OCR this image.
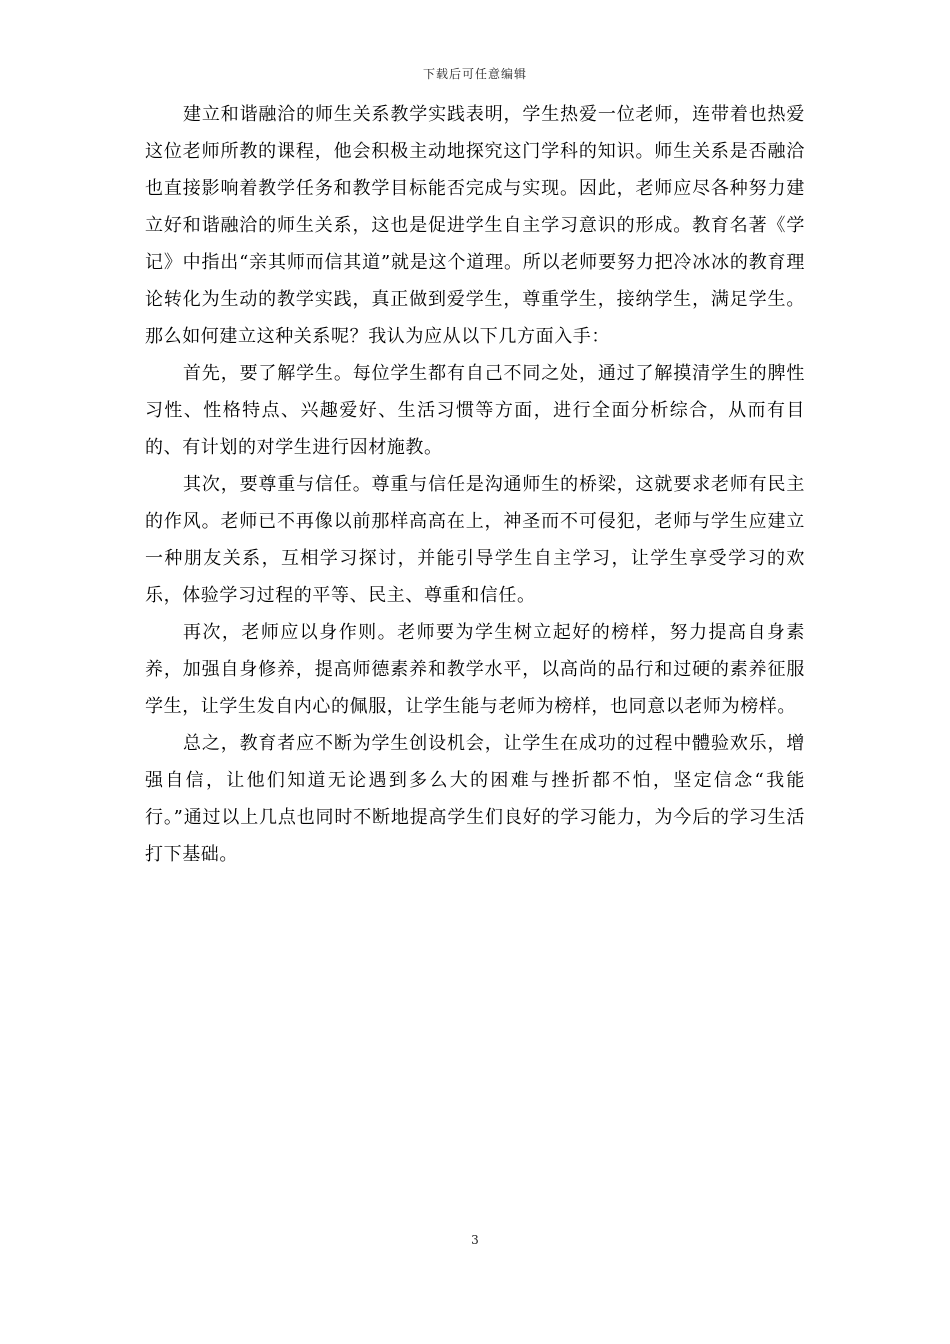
下载后可任意编辑

建立和谐融洽的师生关系教学实践表明，学生热爱一位老师，连带着也热爱这位老师所教的课程，他会积极主动地探究这门学科的知识。师生关系是否融洽也直接影响着教学任务和教学目标能否完成与实现。因此，老师应尽各种努力建立好和谐融洽的师生关系，这也是促进学生自主学习意识的形成。教育名著《学记》中指出“亲其师而信其道”就是这个道理。所以老师要努力把冷冰冰的教育理论转化为生动的教学实践，真正做到爱学生，尊重学生，接纳学生，满足学生。那么如何建立这种关系呢？我认为应从以下几方面入手：

首先，要了解学生。每位学生都有自己不同之处，通过了解摸清学生的脾性习性、性格特点、兴趣爱好、生活习惯等方面，进行全面分析综合，从而有目的、有计划的对学生进行因材施教。

其次，要尊重与信任。尊重与信任是沟通师生的桥梁，这就要求老师有民主的作风。老师已不再像以前那样高高在上，神圣而不可侵犯，老师与学生应建立一种朋友关系，互相学习探讨，并能引导学生自主学习，让学生享受学习的欢乐，体验学习过程的平等、民主、尊重和信任。

再次，老师应以身作则。老师要为学生树立起好的榜样，努力提高自身素养，加强自身修养，提高师德素养和教学水平，以高尚的品行和过硬的素养征服学生，让学生发自内心的佩服，让学生能与老师为榜样，也同意以老师为榜样。

总之，教育者应不断为学生创设机会，让学生在成功的过程中體验欢乐，增强自信，让他们知道无论遇到多么大的困难与挫折都不怕，坚定信念“我能行。”通过以上几点也同时不断地提高学生们良好的学习能力，为今后的学习生活打下基础。

3
